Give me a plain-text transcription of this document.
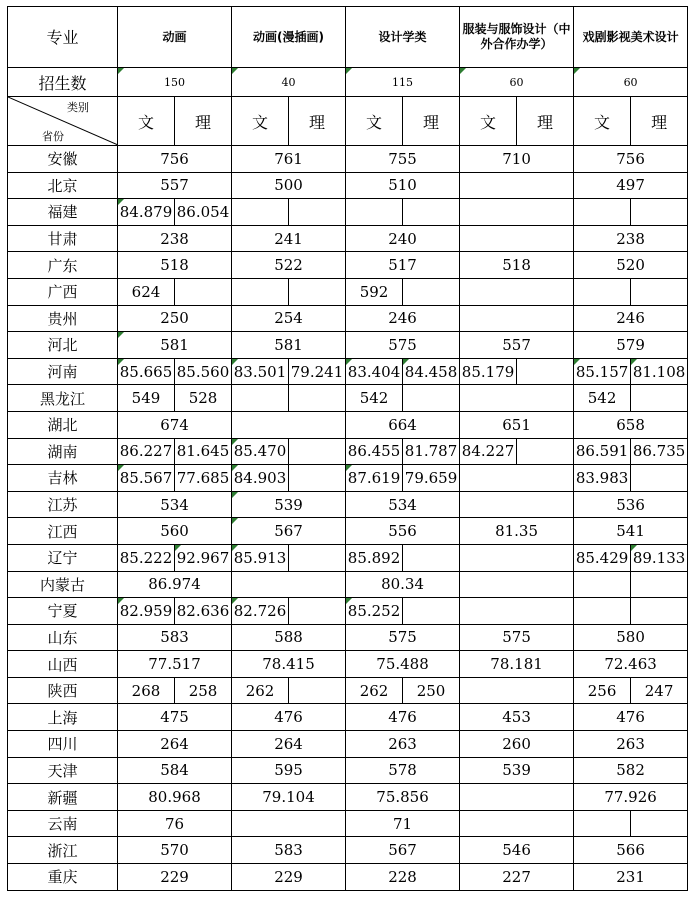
专业	动画		动画(漫插画)		设计学类		服装与服饰设计（中外合作办学）		戏剧影视美术设计	
招生数	150		40		115		60		60	

类别
省份	文	理	文	理	文	理	文	理	文	理
安徽	756		761		755		710		756	
北京	557		500		510				497	
福建	84.879	86.054								
甘肃	238		241		240				238	
广东	518		522		517		518		520	
广西	624				592					
贵州	250		254		246				246	
河北	581		581		575		557		579	
河南	85.665	85.560	83.501	79.241	83.404	84.458	85.179		85.157	81.108
黑龙江	549	528			542				542	
湖北	674				664		651		658	
湖南	86.227	81.645	85.470		86.455	81.787	84.227		86.591	86.735
吉林	85.567	77.685	84.903		87.619	79.659			83.983	
江苏	534		539		534				536	
江西	560		567		556		81.35		541	
辽宁	85.222	92.967	85.913		85.892				85.429	89.133
内蒙古	86.974				80.34					
宁夏	82.959	82.636	82.726		85.252					
山东	583		588		575		575		580	
山西	77.517		78.415		75.488		78.181		72.463	
陕西	268	258	262		262	250			256	247
上海	475		476		476		453		476	
四川	264		264		263		260		263	
天津	584		595		578		539		582	
新疆	80.968		79.104		75.856				77.926	
云南	76				71					
浙江	570		583		567		546		566	
重庆	229		229		228		227		231	
